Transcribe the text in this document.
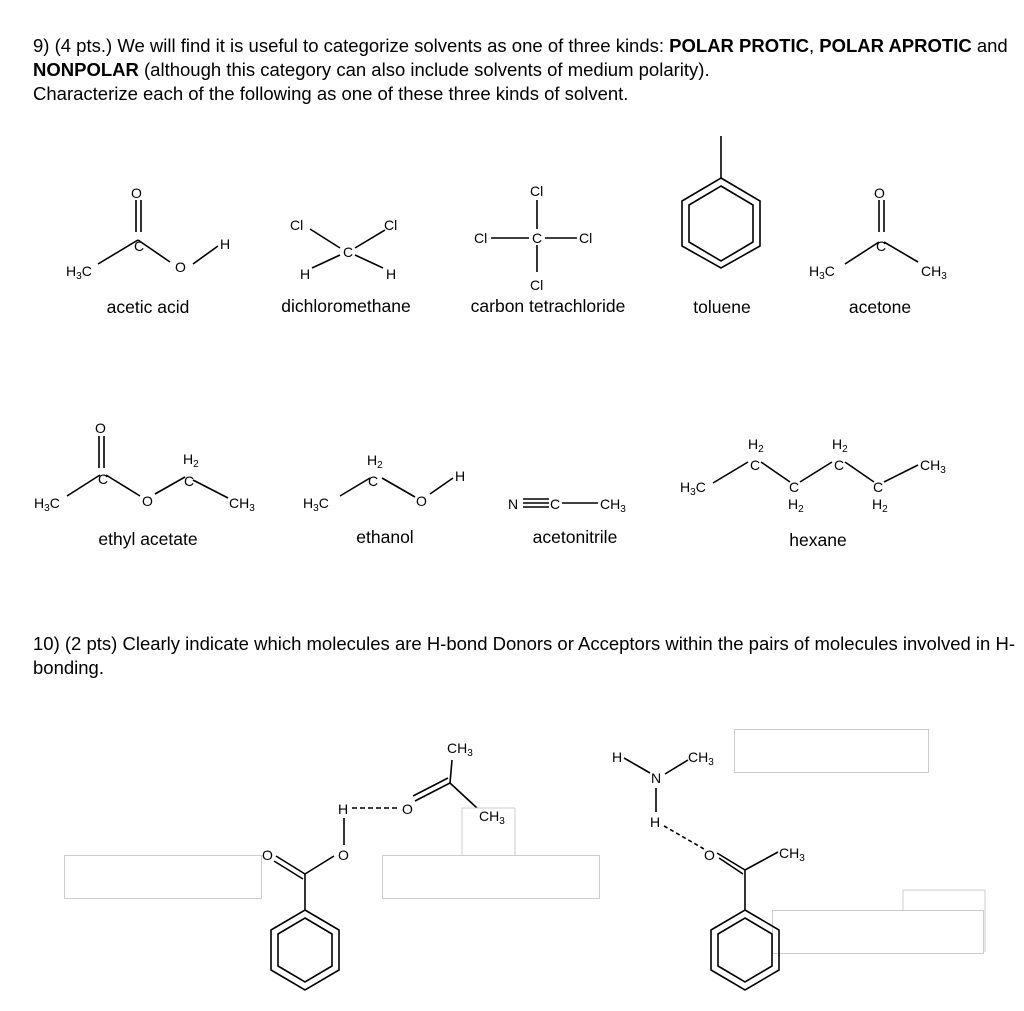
9) (4 pts.) We will find it is useful to categorize solvents as one of three kinds: POLAR PROTIC, POLAR APROTIC and NONPOLAR (although this category can also include solvents of medium polarity).
Characterize each of the following as one of these three kinds of solvent.
10) (2 pts) Clearly indicate which molecules are H-bond Donors or Acceptors within the pairs of molecules involved in H-bonding.
O
C
O
H
$H_3C$
acetic acid
Cl	Cl
C
H	H
dichloromethane
Cl
Cl	C	Cl
Cl
carbon tetrachloride	toluene
O
C
$H_3C$	$CH_3$
acetone
O
C
O
C
$H_2$
$H_3C$	$CH_3$
ethyl acetate
C
$H_2$
O
H
$H_3C$
ethanol
N C	$CH_3$
acetonitrile
C
$H_2$
C
$H_2$
C
$H_2$
C
$H_2$
$H_3C$
$CH_3$
hexane
$CH_3$
$CH_3$
O
H
O
O
H
N
$CH_3$
H
O	$CH_3$
